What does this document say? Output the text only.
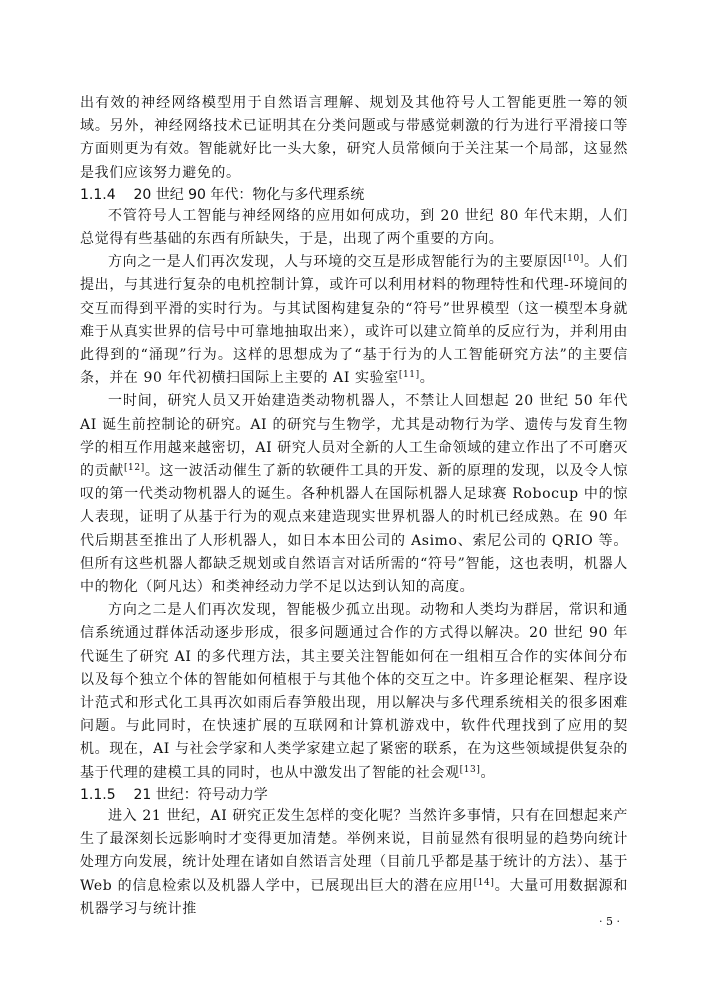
出有效的神经网络模型用于自然语言理解、规划及其他符号人工智能更胜一筹的领域。另外，神经网络技术已证明其在分类问题或与带感觉刺激的行为进行平滑接口等方面则更为有效。智能就好比一头大象，研究人员常倾向于关注某一个局部，这显然是我们应该努力避免的。

1.1.4 20 世纪 90 年代：物化与多代理系统

不管符号人工智能与神经网络的应用如何成功，到 20 世纪 80 年代末期，人们总觉得有些基础的东西有所缺失，于是，出现了两个重要的方向。

方向之一是人们再次发现，人与环境的交互是形成智能行为的主要原因[10]。人们提出，与其进行复杂的电机控制计算，或许可以利用材料的物理特性和代理-环境间的交互而得到平滑的实时行为。与其试图构建复杂的“符号”世界模型（这一模型本身就难于从真实世界的信号中可靠地抽取出来），或许可以建立简单的反应行为，并利用由此得到的“涌现”行为。这样的思想成为了“基于行为的人工智能研究方法”的主要信条，并在 90 年代初横扫国际上主要的 AI 实验室[11]。

一时间，研究人员又开始建造类动物机器人，不禁让人回想起 20 世纪 50 年代 AI 诞生前控制论的研究。AI 的研究与生物学，尤其是动物行为学、遗传与发育生物学的相互作用越来越密切，AI 研究人员对全新的人工生命领域的建立作出了不可磨灭的贡献[12]。这一波活动催生了新的软硬件工具的开发、新的原理的发现，以及令人惊叹的第一代类动物机器人的诞生。各种机器人在国际机器人足球赛 Robocup 中的惊人表现，证明了从基于行为的观点来建造现实世界机器人的时机已经成熟。在 90 年代后期甚至推出了人形机器人，如日本本田公司的 Asimo、索尼公司的 QRIO 等。但所有这些机器人都缺乏规划或自然语言对话所需的“符号”智能，这也表明，机器人中的物化（阿凡达）和类神经动力学不足以达到认知的高度。

方向之二是人们再次发现，智能极少孤立出现。动物和人类均为群居，常识和通信系统通过群体活动逐步形成，很多问题通过合作的方式得以解决。20 世纪 90 年代诞生了研究 AI 的多代理方法，其主要关注智能如何在一组相互合作的实体间分布以及每个独立个体的智能如何植根于与其他个体的交互之中。许多理论框架、程序设计范式和形式化工具再次如雨后春笋般出现，用以解决与多代理系统相关的很多困难问题。与此同时，在快速扩展的互联网和计算机游戏中，软件代理找到了应用的契机。现在，AI 与社会学家和人类学家建立起了紧密的联系，在为这些领域提供复杂的基于代理的建模工具的同时，也从中激发出了智能的社会观[13]。

1.1.5 21 世纪：符号动力学

进入 21 世纪，AI 研究正发生怎样的变化呢？当然许多事情，只有在回想起来产生了最深刻长远影响时才变得更加清楚。举例来说，目前显然有很明显的趋势向统计处理方向发展，统计处理在诸如自然语言处理（目前几乎都是基于统计的方法）、基于 Web 的信息检索以及机器人学中，已展现出巨大的潜在应用[14]。大量可用数据源和机器学习与统计推

· 5 ·
